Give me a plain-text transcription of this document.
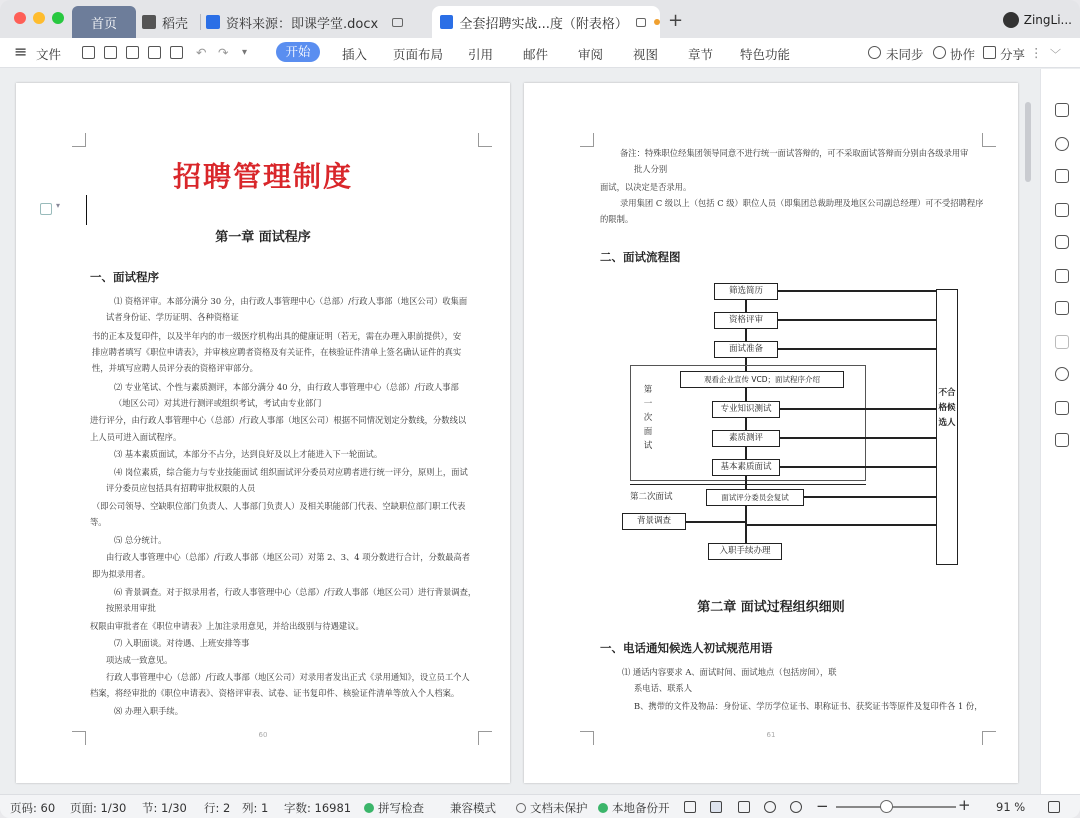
首页	稻壳	资料来源：即课学堂.docx	全套招聘实战...度（附表格） +	ZingLi...
≡ 文件	↶ ↷ ▾	开始	插入 页面布局 引用 邮件 审阅 视图 章节 特色功能	未同步 协作 分享 ⋮ ﹀
▾
招聘管理制度
第一章 面试程序
一、面试程序
⑴ 资格评审。本部分满分 30 分，由行政人事管理中心（总部）/行政人事部（地区公司）收集面
试者身份证、学历证明、各种资格证
书的正本及复印件，以及半年内的市一级医疗机构出具的健康证明（若无，需在办理入职前提供），安
排应聘者填写《职位申请表》，并审核应聘者资格及有关证件，在核验证件清单上签名确认证件的真实
性，并填写应聘人员评分表的资格评审部分。
⑵ 专业笔试、个性与素质测评，本部分满分 40 分，由行政人事管理中心（总部）/行政人事部
（地区公司）对其进行测评或组织考试，考试由专业部门
进行评分，由行政人事管理中心（总部）/行政人事部（地区公司）根据不同情况划定分数线，分数线以
上人员可进入面试程序。
⑶ 基本素质面试，本部分不占分，达到良好及以上才能进入下一轮面试。
⑷ 岗位素质，综合能力与专业技能面试 组织面试评分委员对应聘者进行统一评分，原则上，面试
评分委员应包括具有招聘审批权限的人员
（即公司领导、空缺职位部门负责人、人事部门负责人）及相关职能部门代表、空缺职位部门职工代表
等。
⑸ 总分统计。
由行政人事管理中心（总部）/行政人事部（地区公司）对第 2、3、4 项分数进行合计，分数最高者
即为拟录用者。
⑹ 背景调查。对于拟录用者，行政人事管理中心（总部）/行政人事部（地区公司）进行背景调查，
按照录用审批
权限由审批者在《职位申请表》上加注录用意见，并给出级别与待遇建议。
⑺ 入职面谈。对待遇、上班安排等事
项达成一致意见。
行政人事管理中心（总部）/行政人事部（地区公司）对录用者发出正式《录用通知》，设立员工个人
档案，将经审批的《职位申请表》、资格评审表、试卷、证书复印件、核验证件清单等放入个人档案。
⑻ 办理入职手续。
60
备注：特殊职位经集团领导同意不进行统一面试答辩的，可不采取面试答辩而分别由各级录用审
批人分别
面试，以决定是否录用。
录用集团 C 级以上（包括 C 级）职位人员（即集团总裁助理及地区公司副总经理）可不受招聘程序
的限制。
二、面试流程图
筛选简历
资格评审
面试准备
第一次面试
观看企业宣传 VCD；面试程序介绍
专业知识测试
素质测评
基本素质面试
第二次面试	面试评分委员会复试
背景调查
入职手续办理
不合格候选人
第二章 面试过程组织细则
一、电话通知候选人初试规范用语
⑴ 通话内容要求 A、面试时间、面试地点（包括房间），联
系电话、联系人
B、携带的文件及物品：身份证、学历学位证书、职称证书、获奖证书等原件及复印件各 1 份，
61
页码: 60 页面: 1/30 节: 1/30 行: 2 列: 1 字数: 16981	拼写检查 兼容模式	文档未保护	本地备份开	−	+ 91 %
